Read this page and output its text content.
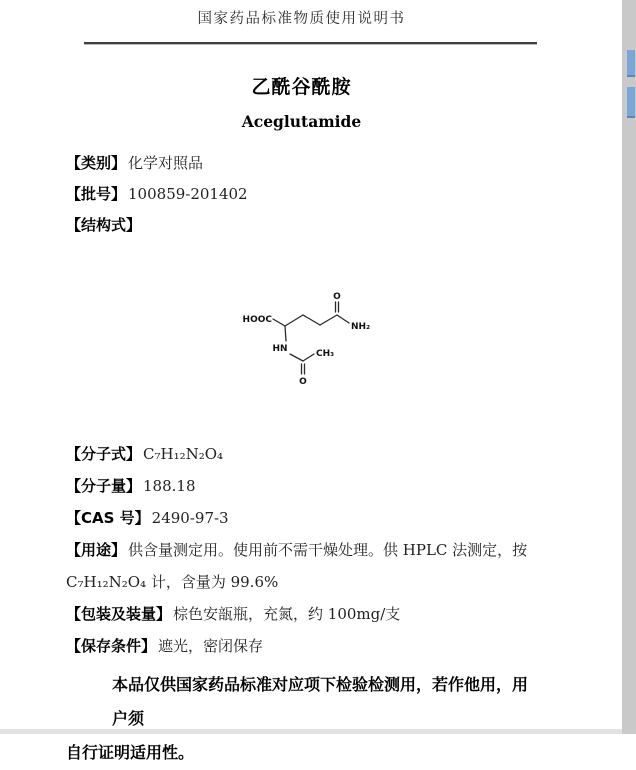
国家药品标准物质使用说明书
乙酰谷酰胺
Aceglutamide

【类别】 化学对照品

【批号】 100859-201402

【结构式】

HOOC
O
NH₂
HN	CH₃
O

【分子式】 C₇H₁₂N₂O₄

【分子量】 188.18

【CAS 号】 2490-97-3

【用途】 供含量测定用。使用前不需干燥处理。供 HPLC 法测定，按

C₇H₁₂N₂O₄ 计，含量为 99.6%

【包装及装量】 棕色安瓿瓶，充氮，约 100mg/支

【保存条件】 遮光，密闭保存

本品仅供国家药品标准对应项下检验检测用，若作他用，用户须

自行证明适用性。
